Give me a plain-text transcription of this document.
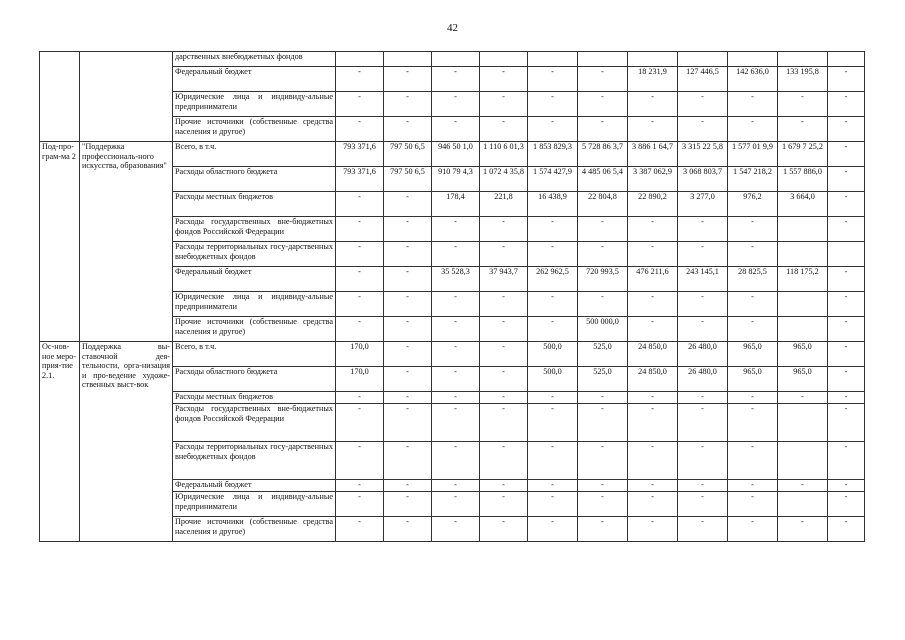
42
		дарственных внебюджетных фондов											
		Федеральный бюджет	-	-	-	-	-	-	18 231,9	127 446,5	142 636,0	133 195,8	-
		Юридические лица и индивиду-альные предприниматели	-	-	-	-	-	-	-	-	-	-	-
		Прочие источники (собственные средства населения и другое)	-	-	-	-	-	-	-	-	-	-	-
Под-про-грам-ма 2	"Поддержка профессиональ-ного искусства, образования"	Всего, в т.ч.	793 371,6	797 50 6,5	946 50 1,0	1 110 6 01,3	1 853 829,3	5 728 86 3,7	3 886 1 64,7	3 315 22 5,8	1 577 01 9,9	1 679 7 25,2	-
		Расходы областного бюджета	793 371,6	797 50 6,5	910 79 4,3	1 072 4 35,8	1 574 427,9	4 485 06 5,4	3 387 062,9	3 068 803,7	1 547 218,2	1 557 886,0	-
		Расходы местных бюджетов	-	-	178,4	221,8	16 438,9	22 804,8	22 890,2	3 277,0	976,2	3 664,0	-
		Расходы государственных вне-бюджетных фондов Российской Федерации	-	-	-	-	-	-	-	-	-		-
		Расходы территориальных госу-дарственных внебюджетных фондов	-	-	-	-	-	-	-	-	-		
		Федеральный бюджет	-	-	35 528,3	37 943,7	262 962,5	720 993,5	476 211,6	243 145,1	28 825,5	118 175,2	-
		Юридические лица и индивиду-альные предприниматели	-	-	-	-	-	-	-	-	-		-
		Прочие источники (собственные средства населения и другое)	-	-	-	-	-	500 000,0	-	-	-		-
Ос-нов-ное меро-прия-тие 2.1.	Поддержка вы-ставочной дея-тельности, орга-низация и про-ведение художе-ственных выст-вок	Всего, в т.ч.	170,0	-	-	-	500,0	525,0	24 850,0	26 480,0	965,0	965,0	-
		Расходы областного бюджета	170,0	-	-	-	500,0	525,0	24 850,0	26 480,0	965,0	965,0	-
		Расходы местных бюджетов	-	-	-	-	-	-	-	-	-	-	-
		Расходы государственных вне-бюджетных фондов Российской Федерации	-	-	-	-	-	-	-	-	-		-
		Расходы территориальных госу-дарственных внебюджетных фондов	-	-	-	-	-	-	-	-	-		-
		Федеральный бюджет	-	-	-	-	-	-	-	-	-	-	-
		Юридические лица и индивиду-альные предприниматели	-	-	-	-	-	-	-	-	-		-
		Прочие источники (собственные средства населения и другое)	-	-	-	-	-	-	-	-	-	-	-
